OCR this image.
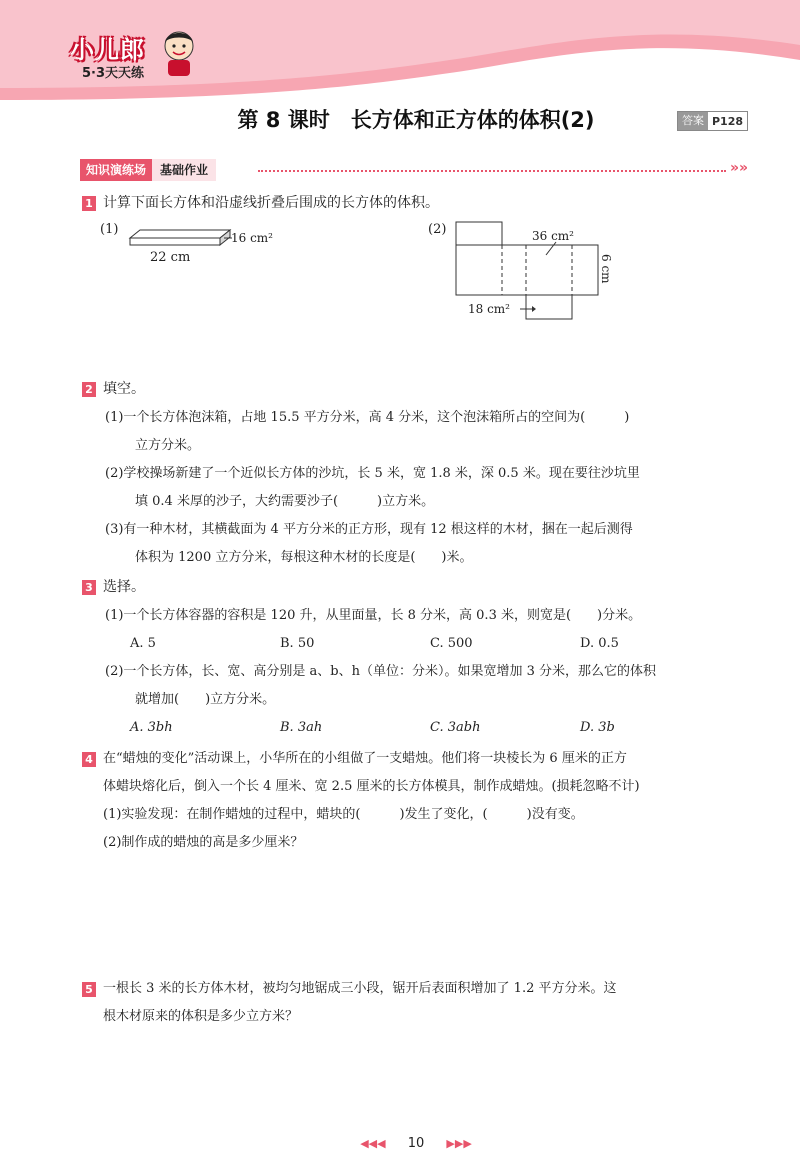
小儿郎
5·3天天练
第 8 课时　长方体和正方体的体积(2)	答案 P128
知识演练场	基础作业	»»
1 计算下面长方体和沿虚线折叠后围成的长方体的体积。
(1)
16 cm²
22 cm
(2)	36 cm²
6 cm
18 cm²
2 填空。
(1)一个长方体泡沫箱，占地 15.5 平方分米，高 4 分米，这个泡沫箱所占的空间为(　　　)
立方分米。
(2)学校操场新建了一个近似长方体的沙坑，长 5 米，宽 1.8 米，深 0.5 米。现在要往沙坑里
填 0.4 米厚的沙子，大约需要沙子(　　　)立方米。
(3)有一种木材，其横截面为 4 平方分米的正方形，现有 12 根这样的木材，捆在一起后测得
体积为 1200 立方分米，每根这种木材的长度是(　　)米。
3 选择。
(1)一个长方体容器的容积是 120 升，从里面量，长 8 分米，高 0.3 米，则宽是(　　)分米。
A. 5	B. 50	C. 500	D. 0.5
(2)一个长方体，长、宽、高分别是 a、b、h（单位：分米）。如果宽增加 3 分米，那么它的体积
就增加(　　)立方分米。
A. 3bh	B. 3ah	C. 3abh	D. 3b
4 在“蜡烛的变化”活动课上，小华所在的小组做了一支蜡烛。他们将一块棱长为 6 厘米的正方
体蜡块熔化后，倒入一个长 4 厘米、宽 2.5 厘米的长方体模具，制作成蜡烛。(损耗忽略不计)
(1)实验发现：在制作蜡烛的过程中，蜡块的(　　　)发生了变化，(　　　)没有变。
(2)制作成的蜡烛的高是多少厘米？
5 一根长 3 米的长方体木材，被均匀地锯成三小段，锯开后表面积增加了 1.2 平方分米。这
根木材原来的体积是多少立方米？
◀◀◀ 10 ▶▶▶
